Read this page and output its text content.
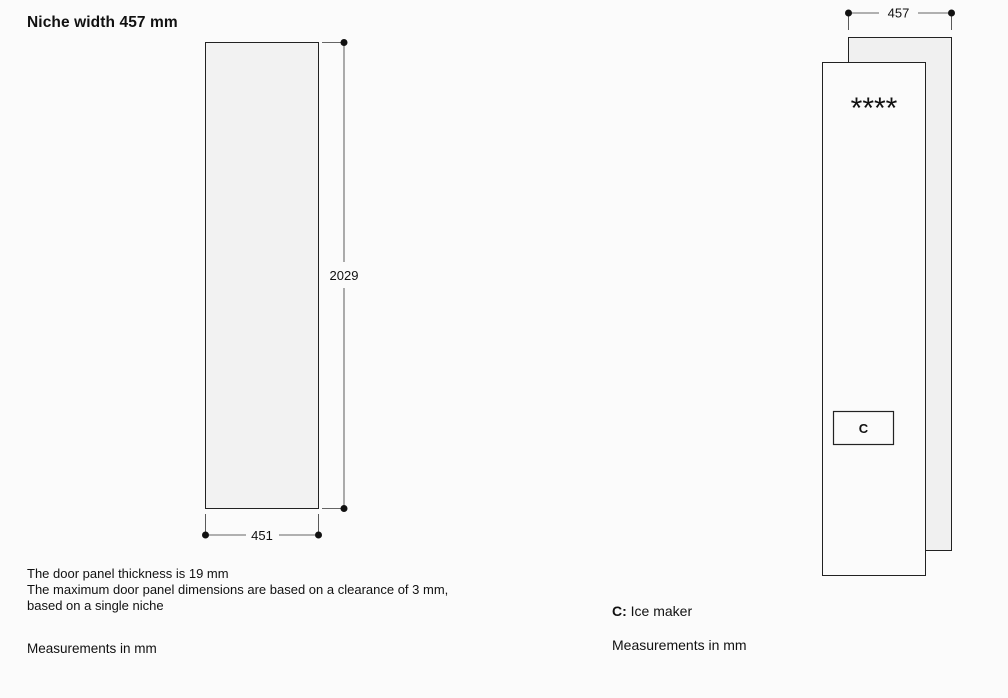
Niche width 457 mm
2029
451
****
C
457
The door panel thickness is 19 mm
The maximum door panel dimensions are based on a clearance of 3 mm,
based on a single niche
Measurements in mm
C: Ice maker
Measurements in mm
